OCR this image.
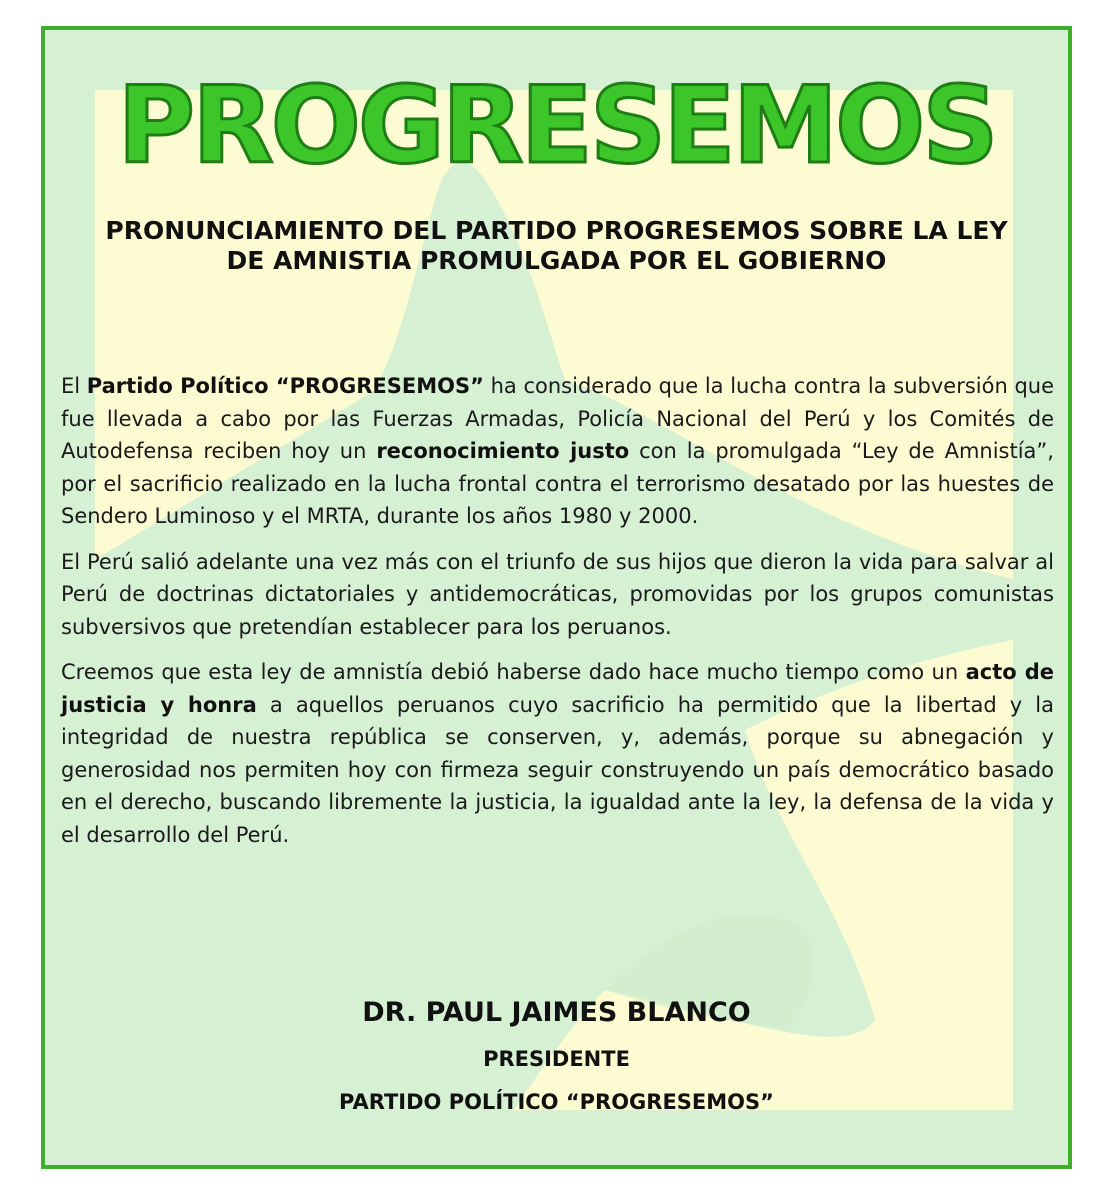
PROGRESEMOS
PRONUNCIAMIENTO DEL PARTIDO PROGRESEMOS SOBRE LA LEY DE AMNISTIA PROMULGADA POR EL GOBIERNO

El Partido Político “PROGRESEMOS” ha considerado que la lucha contra la subversión que fue llevada a cabo por las Fuerzas Armadas, Policía Nacional del Perú y los Comités de Autodefensa reciben hoy un reconocimiento justo con la promulgada “Ley de Amnistía”, por el sacrificio realizado en la lucha frontal contra el terrorismo desatado por las huestes de Sendero Luminoso y el MRTA, durante los años 1980 y 2000.

El Perú salió adelante una vez más con el triunfo de sus hijos que dieron la vida para salvar al Perú de doctrinas dictatoriales y antidemocráticas, promovidas por los grupos comunistas subversivos que pretendían establecer para los peruanos.

Creemos que esta ley de amnistía debió haberse dado hace mucho tiempo como un acto de justicia y honra a aquellos peruanos cuyo sacrificio ha permitido que la libertad y la integridad de nuestra república se conserven, y, además, porque su abnegación y generosidad nos permiten hoy con firmeza seguir construyendo un país democrático basado en el derecho, buscando libremente la justicia, la igualdad ante la ley, la defensa de la vida y el desarrollo del Perú.

DR. PAUL JAIMES BLANCO
PRESIDENTE
PARTIDO POLÍTICO “PROGRESEMOS”
